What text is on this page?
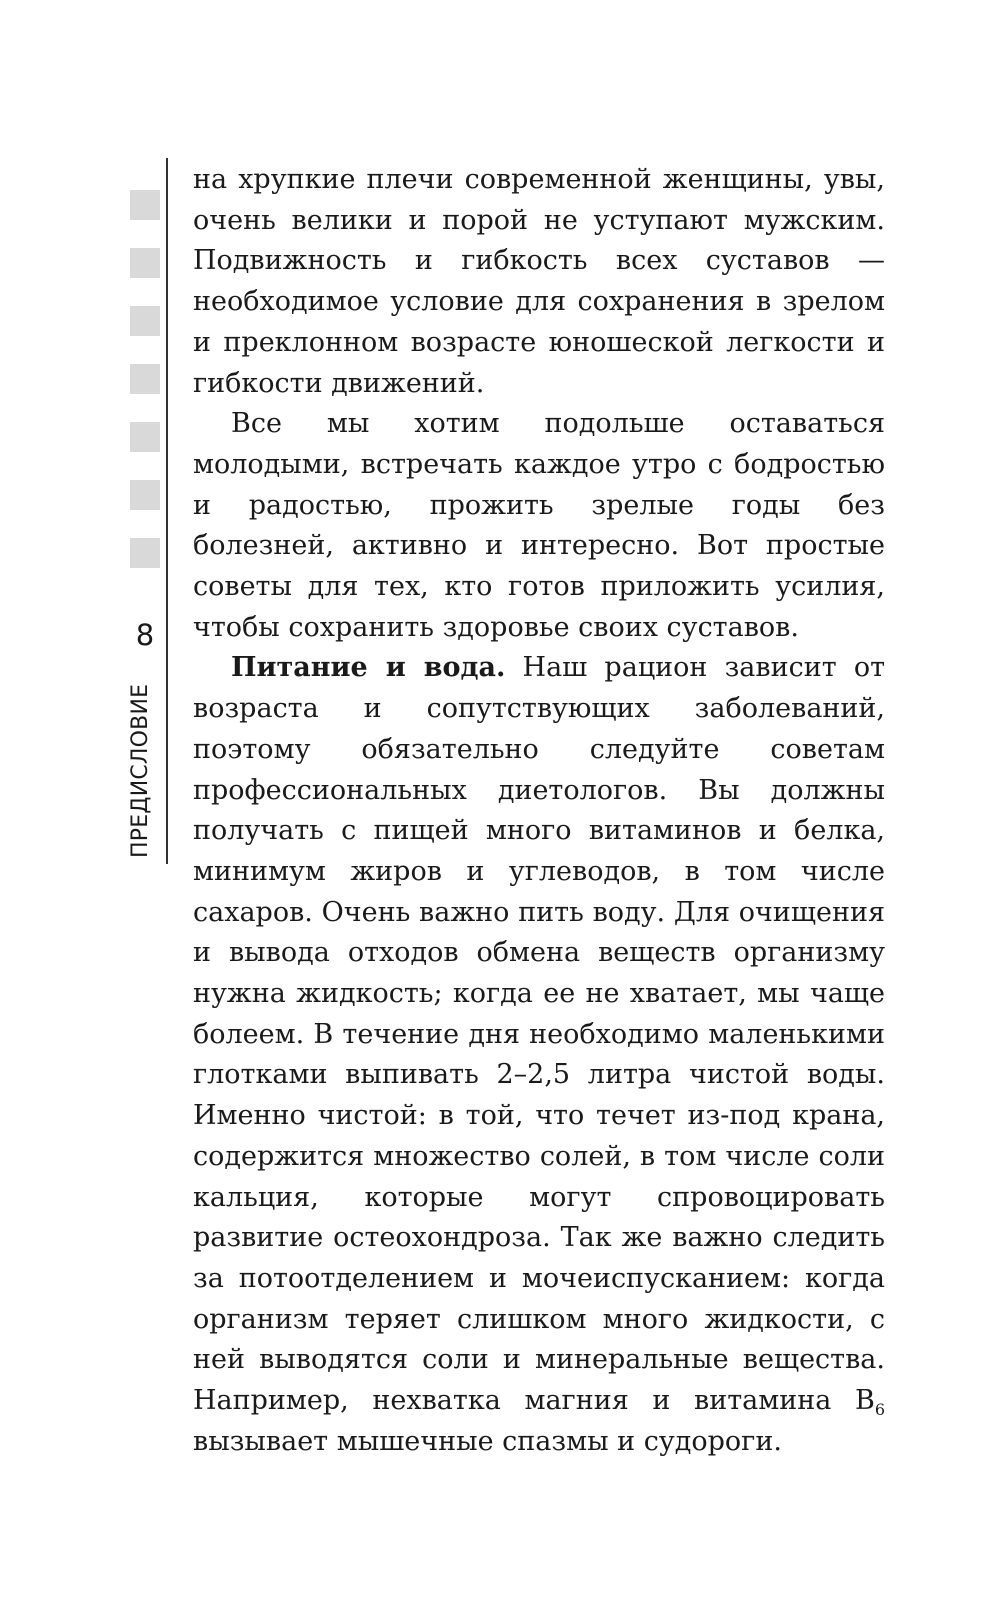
8
ПРЕДИСЛОВИЕ

на хрупкие плечи современной женщины, увы, очень велики и порой не уступают мужским. Подвижность и гибкость всех суставов — необходимое условие для сохранения в зрелом и преклонном возрасте юношеской легкости и гибкости движений.

Все мы хотим подольше оставаться молодыми, встречать каждое утро с бодростью и радостью, прожить зрелые годы без болезней, активно и интересно. Вот простые советы для тех, кто готов приложить усилия, чтобы сохранить здоровье своих суставов.

Питание и вода. Наш рацион зависит от возраста и сопутствующих заболеваний, поэтому обязательно следуйте советам профессиональных диетологов. Вы должны получать с пищей много витаминов и белка, минимум жиров и углеводов, в том числе сахаров. Очень важно пить воду. Для очищения и вывода отходов обмена веществ организму нужна жидкость; когда ее не хватает, мы чаще болеем. В течение дня необходимо маленькими глотками выпивать 2–2,5 литра чистой воды. Именно чистой: в той, что течет из-под крана, содержится множество солей, в том числе соли кальция, которые могут спровоцировать развитие остеохондроза. Так же важно следить за потоотделением и мочеиспусканием: когда организм теряет слишком много жидкости, с ней выводятся соли и минеральные вещества. Например, нехватка магния и витамина $В_6$ вызывает мышечные спазмы и судороги.
